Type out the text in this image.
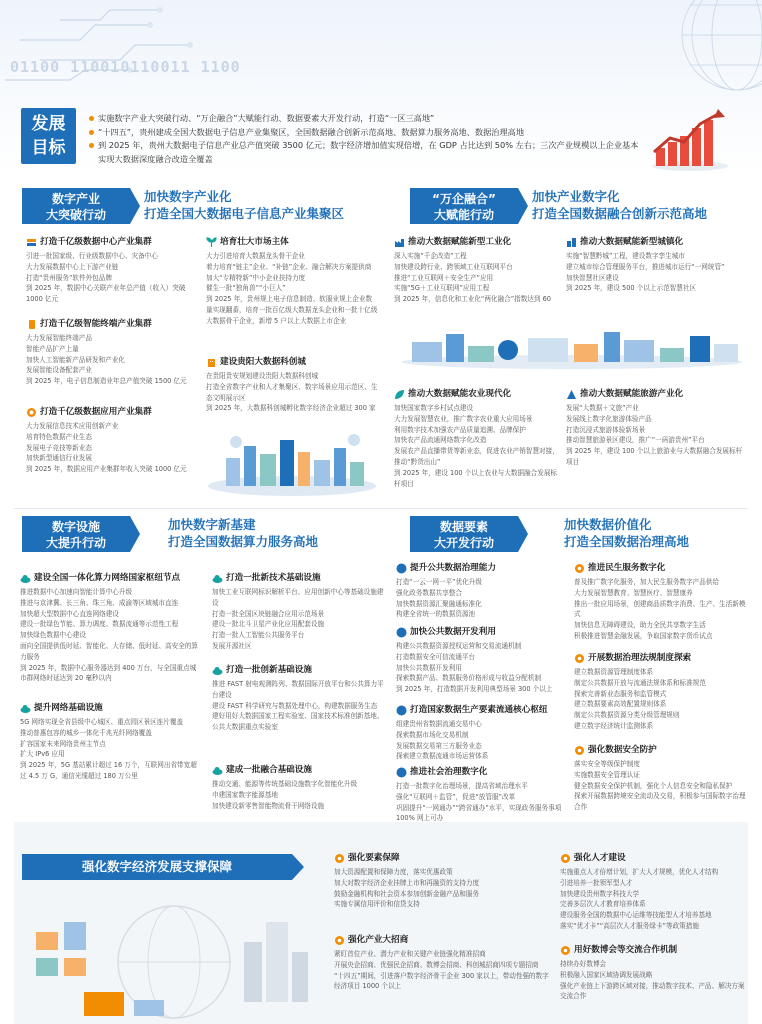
01100 110010110011 1100
发展
目标
实施数字产业大突破行动、“万企融合”大赋能行动、数据要素大开发行动，打造“一区三高地”
“十四五”，贵州建成全国大数据电子信息产业集聚区，全国数据融合创新示范高地、数据算力服务高地、数据治理高地
到 2025 年，贵州大数据电子信息产业总产值突破 3500 亿元；数字经济增加值实现倍增，在 GDP 占比达到 50% 左右；三次产业规模以上企业基本实现大数据深度融合改造全覆盖
数字产业
大突破行动
加快数字产业化
打造全国大数据电子信息产业集聚区
打造千亿级数据中心产业集群
引进一批国家级、行业级数据中心、灾备中心
大力发展数据中心上下游产业链
打造“贵州服务”软件外包品牌
到 2025 年，数据中心关联产业年总产值（收入）突破 1000 亿元
打造千亿级智能终端产业集群
大力发展智能终端产品
智能产品扩产上量
加快人工智能新产品研发和产业化
发展智能设备配套产业
到 2025 年，电子信息制造业年总产值突破 1500 亿元
打造千亿级数据应用产业集群
大力发展信息技术应用创新产业
培育特色数据产业生态
发展电子竞技等新业态
加快新型通信行业发展
到 2025 年，数据应用产业集群年收入突破 1000 亿元
培育壮大市场主体
大力引进培育大数据龙头骨干企业
着力培育“链主”企业、“补链”企业、融合解决方案提供商
加大“专精特新”中小企业扶持力度
催生一批“独角兽”“小巨人”
到 2025 年，贵州规上电子信息制造、软服业规上企业数量实现翻番，培育一批百亿级大数据龙头企业和一批十亿级大数据骨干企业，新增 5 户以上大数据上市企业
建设贵阳大数据科创城
在贵阳贵安规划建设贵阳大数据科创城
打造全省数字产业和人才集聚区、数字场景应用示范区、生态文明展示区
到 2025 年，大数据科创城孵化数字经济企业超过 300 家
“万企融合”
大赋能行动
加快产业数字化
打造全国数据融合创新示范高地
推动大数据赋能新型工业化
深入实施“千企改造”工程
加快建设跨行业、跨领域工业互联网平台
推进“工业互联网＋安全生产”应用
实施“5G＋工业互联网”应用工程
到 2025 年，信息化和工业化“两化融合”指数达到 60
推动大数据赋能新型城镇化
实施“智慧黔城”工程，建设数字孪生城市
建立城市综合管理服务平台，推进城市运行“一网统管”
加快智慧社区建设
到 2025 年，建设 500 个以上示范智慧社区
推动大数据赋能农业现代化
加快国家数字乡村试点建设
大力发展智慧农业，推广数字农业重大应用场景
利用数字技术加强农产品质量追溯、品牌保护
加快农产品流通网络数字化改造
发展农产品直播带货等新业态，促进农业产销智慧对接，推动“黔货出山”
到 2025 年，建设 100 个以上农业与大数据融合发展标杆项目
推动大数据赋能旅游产业化
发展“大数据＋文旅”产业
发展线上数字化旅游体验产品
打造沉浸式旅游体验新场景
推动智慧旅游景区建设，推广“一码游贵州”平台
到 2025 年，建设 100 个以上旅游业与大数据融合发展标杆项目
数字设施
大提升行动
加快数字新基建
打造全国数据算力服务高地
建设全国一体化算力网络国家枢纽节点
推进数据中心加速向智能计算中心升级
推进与京津冀、长三角、珠三角、成渝等区域城市直连
加快超大型数据中心直连网络建设
建设一批绿色节能、算力调度、数据流通等示范性工程
加快绿色数据中心建设
面向全国提供低时延、智能化、大存储、低时延、高安全的算力服务
到 2025 年，数据中心服务器达到 400 万台，与全国重点城市群网络时延达到 20 毫秒以内
提升网络基础设施
5G 网络实现全省县级中心城区、重点园区景区连片覆盖
推动普惠包容的城乡一体化千兆光纤网络覆盖
扩容国家未来网络贵州主节点
扩大 IPv6 应用
到 2025 年，5G 基站累计超过 16 万个，互联网出省带宽超过 4.5 万 G，通信光缆超过 180 万公里
打造一批新技术基础设施
加快工业互联网标识解析平台、应用创新中心等基础设施建设
打造一批全国区块链融合应用示范场景
建设一批北斗卫星产业化应用配套设施
打造一批人工智能公共服务平台
发展开源社区
打造一批创新基础设施
推进 FAST 射电观测阵列、数据国际开放平台和公共算力平台建设
建设 FAST 科学研究与数据处理中心，构建数据服务生态
建好用好大数据国家工程实验室、国家技术标准创新基地、公共大数据重点实验室
建成一批融合基础设施
推动交通、能源等传统基础设施数字化智能化升级
申建国家数字能源基地
加快建设新零售智能物流骨干网络设施
数据要素
大开发行动
加快数据价值化
打造全国数据治理高地
提升公共数据治理能力
打造“一云一网一平”优化升级
强化政务数据共享整合
加快数据资源汇聚融通标准化
构建全省统一的数据资源池
加快公共数据开发利用
构建公共数据资源授权运营和交易流通机制
打造数据安全可信流通平台
加快公共数据开发利用
探索数据产品、数据服务价格形成与收益分配机制
到 2025 年，打造数据开发利用典型场景 300 个以上
打造国家数据生产要素流通核心枢纽
组建贵州省数据流通交易中心
探索数据市场化交易机制
发展数据交易第三方服务业态
探索建立数据流通市场运营体系
推进社会治理数字化
打造一批数字化治理场景，提高省域治理水平
强化“互联网＋监管”，促进“放管服”改革
巩固提升“一网通办”“跨省通办”水平，实现政务服务事项 100% 网上可办
推进民生服务数字化
普及推广数字化服务，加大民生服务数字产品供给
大力发展智慧教育、智慧医疗、智慧康养
推出一批应用场景，创建商品质数字消费、生产、生活新模式
加快信息无障碍建设，助力全民共享数字生活
积极推进智慧金融发展，争取国家数字货币试点
开展数据治理法规制度探索
建立数据资源管理制度体系
制定公共数据开放与流通法规体系和标准规范
探索完善新业态服务和监管模式
建立数据要素高效配置规则体系
制定公共数据资源分类分级管理规则
建立数字经济统计监测体系
强化数据安全防护
落实安全等级保护制度
实施数据安全管理认证
健全数据安全保护机制，强化个人信息安全和隐私保护
探索开展数据跨境安全流动及交易，积极参与国际数字治理合作
强化数字经济发展支撑保障
强化要素保障
加大资源配置和保障力度，落实优惠政策
加大对数字经济企业挂牌上市和再融资的支持力度
鼓励金融机构和社会资本参加创新金融产品和服务
实施专属信用评价和信贷支持
强化产业大招商
紧盯首位产业、潜力产业和关键产业链强化精准招商
开展央企招商、优强民企招商、数博会招商、科创城招商四项专题招商
“十四五”期间，引进落户数字经济骨干企业 300 家以上，带动性强的数字经济项目 1000 个以上
强化人才建设
实施重点人才倍增计划，扩大人才规模，优化人才结构
引进培养一批领军型人才
加快建设贵州数字科技大学
完善多层次人才教育培养体系
建设服务全国的数据中心运维等技能型人才培养基地
落实“优才卡”“高层次人才服务绿卡”等政策措施
用好数博会等交流合作机制
持续办好数博会
积极融入国家区域协调发展战略
强化产业链上下游跨区域对接，推动数字技术、产品、解决方案交流合作
